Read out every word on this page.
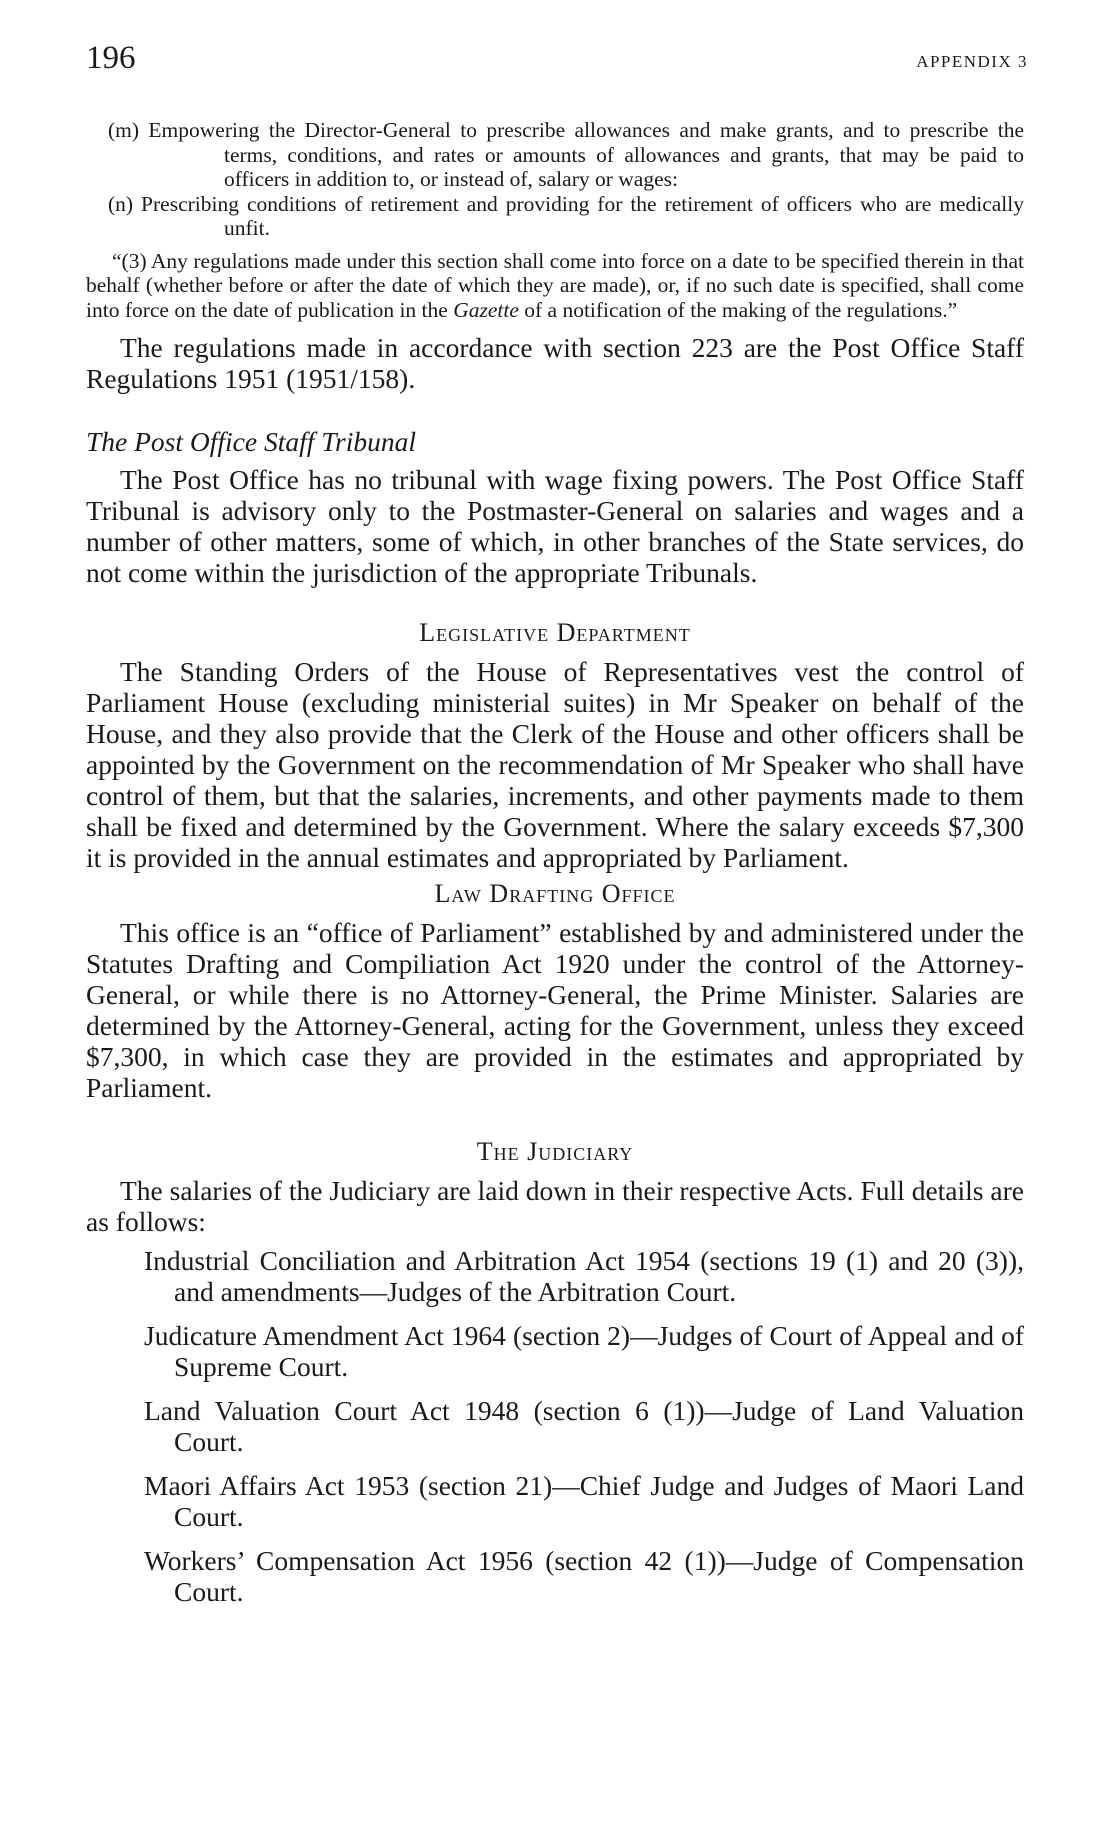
196	APPENDIX 3

(m) Empowering the Director-General to prescribe allowances and make grants, and to prescribe the terms, conditions, and rates or amounts of allowances and grants, that may be paid to officers in addition to, or instead of, salary or wages:

(n) Prescribing conditions of retirement and providing for the retirement of officers who are medically unfit.

“(3) Any regulations made under this section shall come into force on a date to be specified therein in that behalf (whether before or after the date of which they are made), or, if no such date is specified, shall come into force on the date of publication in the Gazette of a notification of the making of the regulations.”

The regulations made in accordance with section 223 are the Post Office Staff Regulations 1951 (1951/158).

The Post Office Staff Tribunal

The Post Office has no tribunal with wage fixing powers. The Post Office Staff Tribunal is advisory only to the Postmaster-General on salaries and wages and a number of other matters, some of which, in other branches of the State services, do not come within the jurisdiction of the appropriate Tribunals.

Legislative Department

The Standing Orders of the House of Representatives vest the control of Parliament House (excluding ministerial suites) in Mr Speaker on behalf of the House, and they also provide that the Clerk of the House and other officers shall be appointed by the Government on the recommendation of Mr Speaker who shall have control of them, but that the salaries, increments, and other payments made to them shall be fixed and determined by the Government. Where the salary exceeds $7,300 it is provided in the annual estimates and appropriated by Parliament.

Law Drafting Office

This office is an “office of Parliament” established by and administered under the Statutes Drafting and Compiliation Act 1920 under the control of the Attorney-General, or while there is no Attorney-General, the Prime Minister. Salaries are determined by the Attorney-General, acting for the Government, unless they exceed $7,300, in which case they are provided in the estimates and appropriated by Parliament.

The Judiciary

The salaries of the Judiciary are laid down in their respective Acts. Full details are as follows:

Industrial Conciliation and Arbitration Act 1954 (sections 19 (1) and 20 (3)), and amendments—Judges of the Arbitration Court.
Judicature Amendment Act 1964 (section 2)—Judges of Court of Appeal and of Supreme Court.
Land Valuation Court Act 1948 (section 6 (1))—Judge of Land Valuation Court.
Maori Affairs Act 1953 (section 21)—Chief Judge and Judges of Maori Land Court.
Workers’ Compensation Act 1956 (section 42 (1))—Judge of Compensation Court.
